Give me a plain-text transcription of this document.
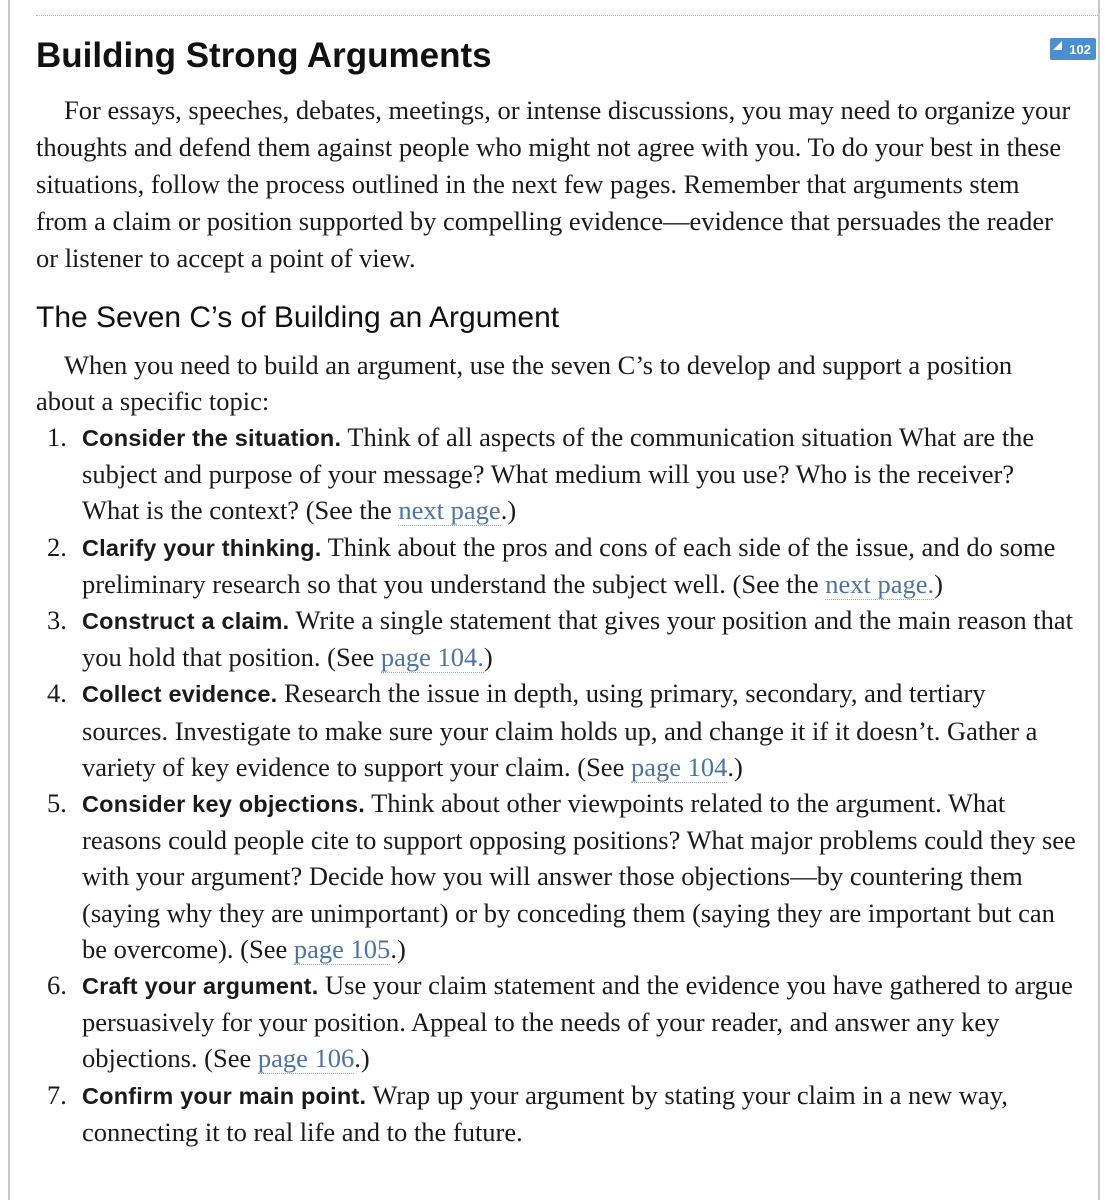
102
Building Strong Arguments

For essays, speeches, debates, meetings, or intense discussions, you may need to organize your thoughts and defend them against people who might not agree with you. To do your best in these situations, follow the process outlined in the next few pages. Remember that arguments stem from a claim or position supported by compelling evidence—evidence that persuades the reader or listener to accept a point of view.

The Seven C’s of Building an Argument

When you need to build an argument, use the seven C’s to develop and support a position about a specific topic:

1. Consider the situation. Think of all aspects of the communication situation What are the subject and purpose of your message? What medium will you use? Who is the receiver? What is the context? (See the next page.)
2. Clarify your thinking. Think about the pros and cons of each side of the issue, and do some preliminary research so that you understand the subject well. (See the next page.)
3. Construct a claim. Write a single statement that gives your position and the main reason that you hold that position. (See page 104.)
4. Collect evidence. Research the issue in depth, using primary, secondary, and tertiary sources. Investigate to make sure your claim holds up, and change it if it doesn’t. Gather a variety of key evidence to support your claim. (See page 104.)
5. Consider key objections. Think about other viewpoints related to the argument. What reasons could people cite to support opposing positions? What major problems could they see with your argument? Decide how you will answer those objections—by countering them (saying why they are unimportant) or by conceding them (saying they are important but can be overcome). (See page 105.)
6. Craft your argument. Use your claim statement and the evidence you have gathered to argue persuasively for your position. Appeal to the needs of your reader, and answer any key objections. (See page 106.)
7. Confirm your main point. Wrap up your argument by stating your claim in a new way, connecting it to real life and to the future.
